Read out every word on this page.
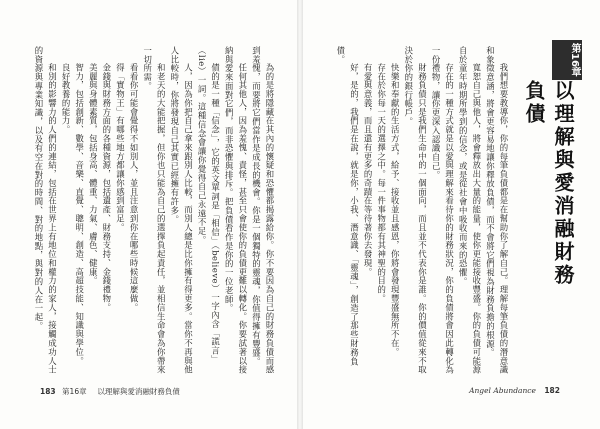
為的是將隱藏在其內的懷疑和恐懼都揭露給你。你不要因為自己的財務負債而感到羞愧，而要將它們當作是成長的機會。你是一個獨特的靈魂，你值得擁有豐盛。

任何其他人，因為羞愧、責怪，甚至只會使你的負債更難以轉化。你要試著以接納與愛來面對它們，而非恐懼與排斥。把負債看作是你的一位老師。

債的是一種「信念」，它的英文單詞是「相信」（believe）一字內含「謊言」（lie）一詞。這種信念會讓你覺得自己永遠不足。

人，因為你把自己拿來跟別人比較，而別人總是比你擁有得更多。當你不再與他人比較時，你將發現自己其實已經擁有許多。

和老天的大能把握，但你也只能為自己的選擇負起責任，並相信生命會為你帶來一切所需。

看看你可能會覺得不如別人，並且注意到你在哪些時候這麼做。

得「實物王」有哪些地方都讓你感到富足。

金錢與財務方面的各種資源，包括遺產、財務支持、金錢禮物。

美麗與身體素質，包括身高、體重、力氣、膚色、健康。

智力，包括創新、數學、音樂、直覺、聰明、創造、高超技能、知識與學位。

良好教養的能力。

和別的影響力的人們的連結，包括在世界上有地位和權力的家人，接觸成功人士的資源與專業知識，以及有空在對的時間、對的地點，與對的人在一起。

183 第16章 以理解與愛消融財務負債
第16章
以理解與愛消融財務負債

我們想要教導你，你的每筆負債都是在幫助你了解自己。理解每筆負債的潛意識和象徵意涵，將會更容易地讓你釋放負債，而不會將它們視為財務負擔的根源。

寬恕自己與他人，將會釋放出大量的能量，使你更能接收豐盛。你的負債可能源自於童年時期所學到的信念，或是從社會中吸收而來的恐懼。

存在的一種方式就是以愛與理解來看待你的財務狀況，你的負債將會因此轉化為一份禮物，讓你更深入認識自己。

財務負債只是我們生命中的一個面向，而且並不代表你是誰。你的價值從來不取決於你的銀行帳戶。

快樂和奉獻的生活方式，給予、接收並且感恩，你將會發現豐盛無所不在。

存在於你每一天的選擇之中。每一件事物都有其神聖的目的。

有愛與意義，而且還有更多的奇蹟在等待著你去發現。

好，是的，我們是在說，就是你，小我、潛意識、「靈魂」，創造了那些財務負債。

Angel Abundance 182
